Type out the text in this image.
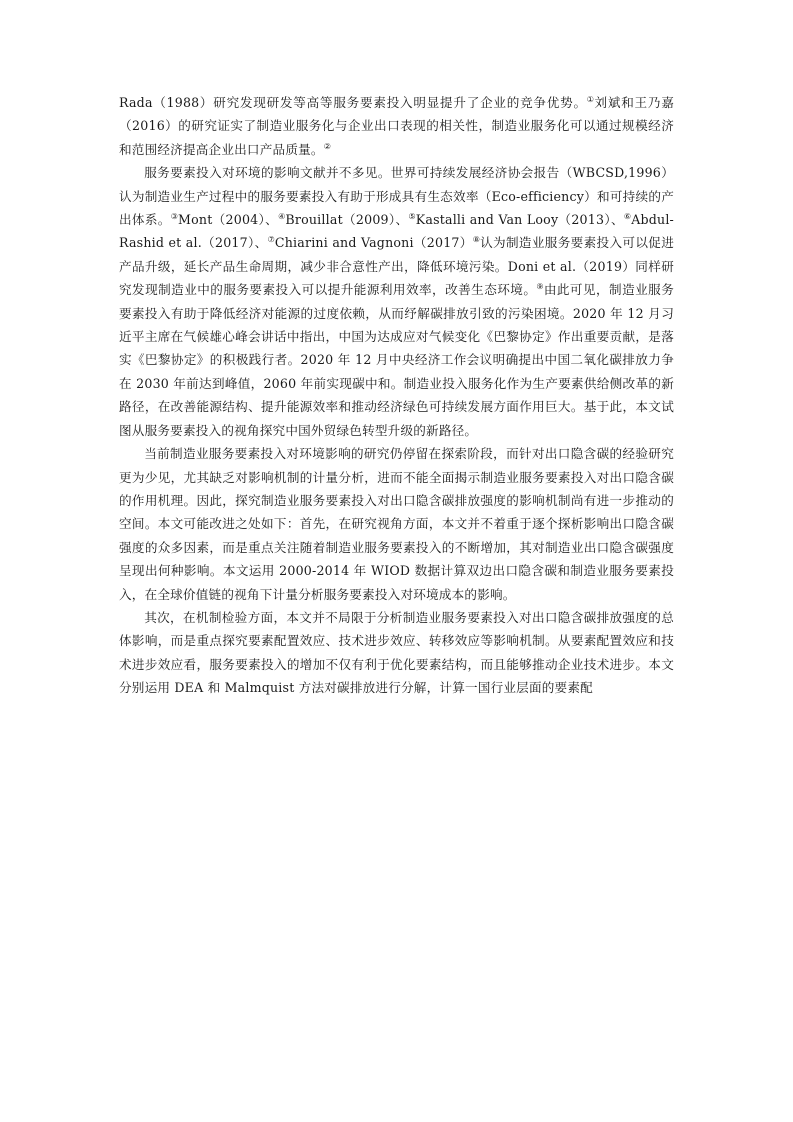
Rada（1988）研究发现研发等高等服务要素投入明显提升了企业的竞争优势。①刘斌和王乃嘉（2016）的研究证实了制造业服务化与企业出口表现的相关性，制造业服务化可以通过规模经济和范围经济提高企业出口产品质量。②

服务要素投入对环境的影响文献并不多见。世界可持续发展经济协会报告（WBCSD,1996）认为制造业生产过程中的服务要素投入有助于形成具有生态效率（Eco-efficiency）和可持续的产出体系。③Mont（2004）、④Brouillat（2009）、⑤Kastalli and Van Looy（2013）、⑥Abdul-Rashid et al.（2017）、⑦Chiarini and Vagnoni（2017）⑧认为制造业服务要素投入可以促进产品升级，延长产品生命周期，减少非合意性产出，降低环境污染。Doni et al.（2019）同样研究发现制造业中的服务要素投入可以提升能源利用效率，改善生态环境。⑨由此可见，制造业服务要素投入有助于降低经济对能源的过度依赖，从而纾解碳排放引致的污染困境。2020 年 12 月习近平主席在气候雄心峰会讲话中指出，中国为达成应对气候变化《巴黎协定》作出重要贡献，是落实《巴黎协定》的积极践行者。2020 年 12 月中央经济工作会议明确提出中国二氧化碳排放力争在 2030 年前达到峰值，2060 年前实现碳中和。制造业投入服务化作为生产要素供给侧改革的新路径，在改善能源结构、提升能源效率和推动经济绿色可持续发展方面作用巨大。基于此，本文试图从服务要素投入的视角探究中国外贸绿色转型升级的新路径。

当前制造业服务要素投入对环境影响的研究仍停留在探索阶段，而针对出口隐含碳的经验研究更为少见，尤其缺乏对影响机制的计量分析，进而不能全面揭示制造业服务要素投入对出口隐含碳的作用机理。因此，探究制造业服务要素投入对出口隐含碳排放强度的影响机制尚有进一步推动的空间。本文可能改进之处如下：首先，在研究视角方面，本文并不着重于逐个探析影响出口隐含碳强度的众多因素，而是重点关注随着制造业服务要素投入的不断增加，其对制造业出口隐含碳强度呈现出何种影响。本文运用 2000-2014 年 WIOD 数据计算双边出口隐含碳和制造业服务要素投入，在全球价值链的视角下计量分析服务要素投入对环境成本的影响。

其次，在机制检验方面，本文并不局限于分析制造业服务要素投入对出口隐含碳排放强度的总体影响，而是重点探究要素配置效应、技术进步效应、转移效应等影响机制。从要素配置效应和技术进步效应看，服务要素投入的增加不仅有利于优化要素结构，而且能够推动企业技术进步。本文分别运用 DEA 和 Malmquist 方法对碳排放进行分解，计算一国行业层面的要素配
